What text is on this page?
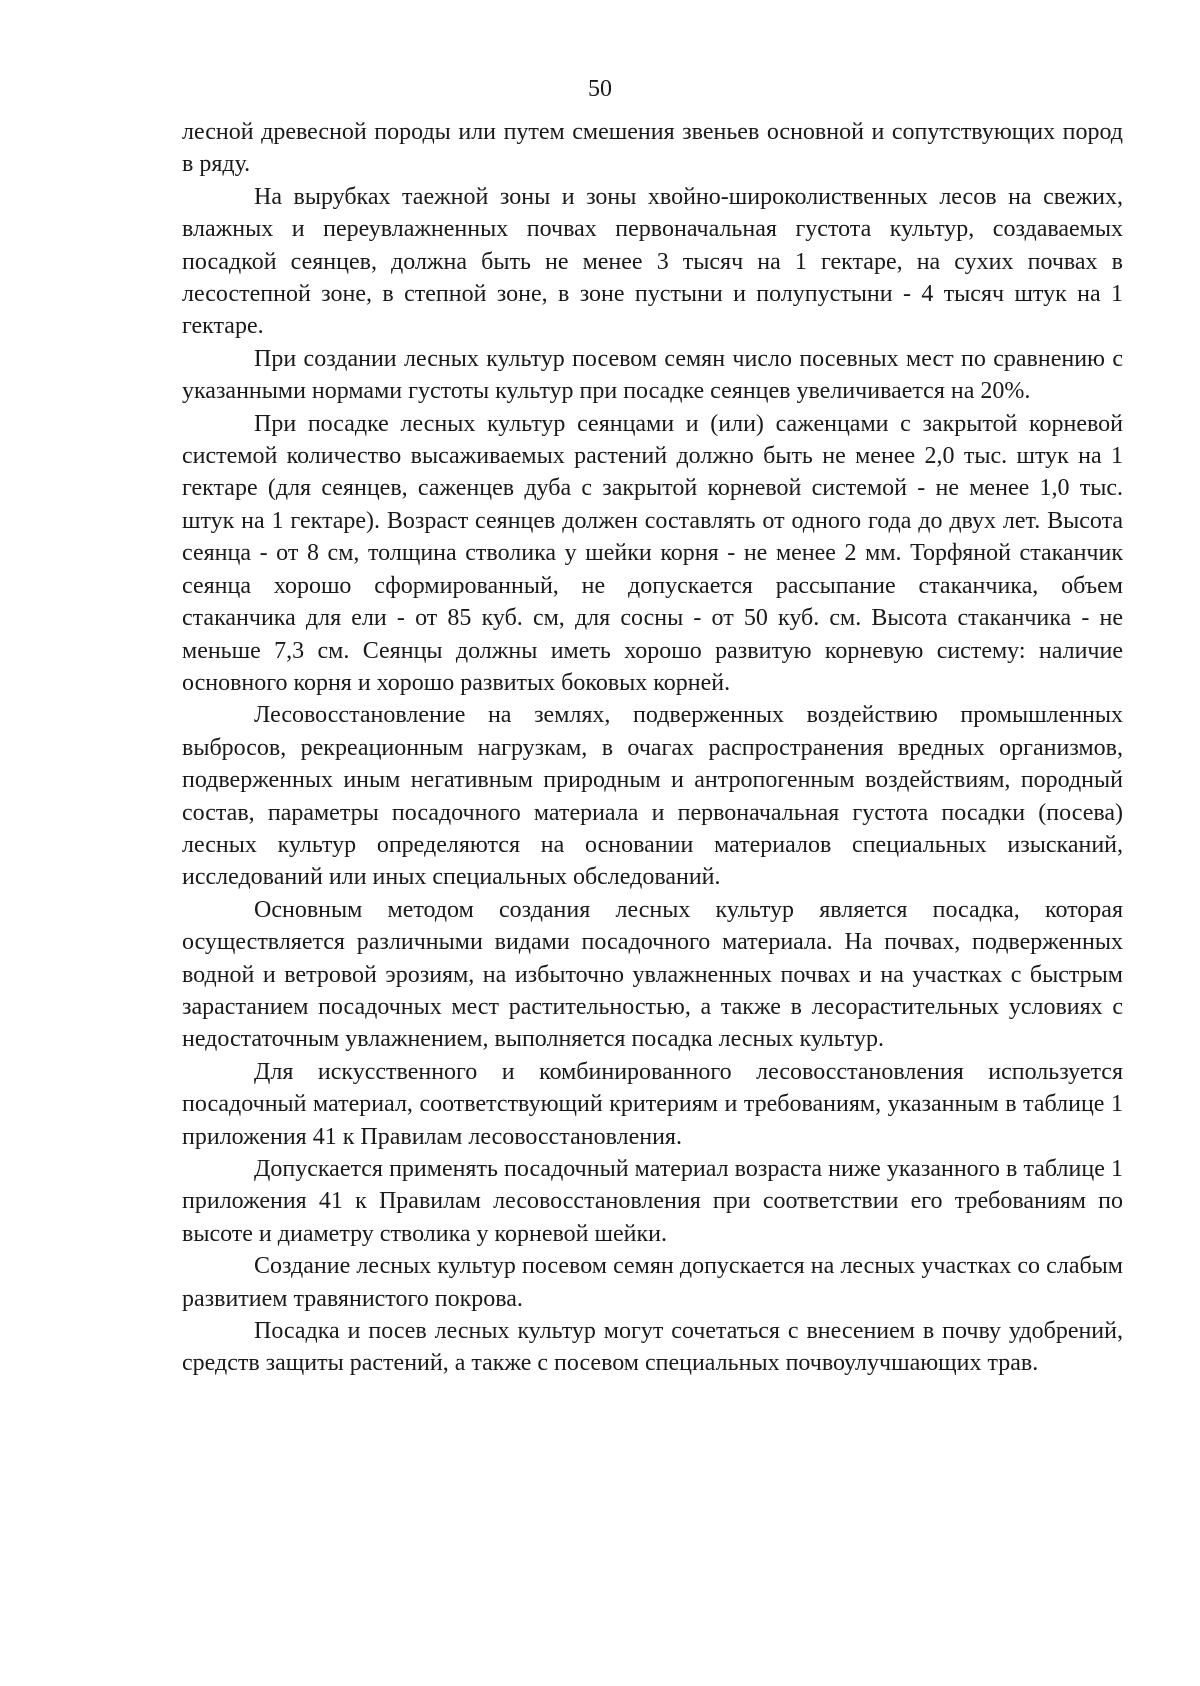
50

лесной древесной породы или путем смешения звеньев основной и сопутствующих пород в ряду.

На вырубках таежной зоны и зоны хвойно-широколиственных лесов на свежих, влажных и переувлажненных почвах первоначальная густота культур, создаваемых посадкой сеянцев, должна быть не менее 3 тысяч на 1 гектаре, на сухих почвах в лесостепной зоне, в степной зоне, в зоне пустыни и полупустыни - 4 тысяч штук на 1 гектаре.

При создании лесных культур посевом семян число посевных мест по сравнению с указанными нормами густоты культур при посадке сеянцев увеличивается на 20%.

При посадке лесных культур сеянцами и (или) саженцами с закрытой корневой системой количество высаживаемых растений должно быть не менее 2,0 тыс. штук на 1 гектаре (для сеянцев, саженцев дуба с закрытой корневой системой - не менее 1,0 тыс. штук на 1 гектаре). Возраст сеянцев должен составлять от одного года до двух лет. Высота сеянца - от 8 см, толщина стволика у шейки корня - не менее 2 мм. Торфяной стаканчик сеянца хорошо сформированный, не допускается рассыпание стаканчика, объем стаканчика для ели - от 85 куб. см, для сосны - от 50 куб. см. Высота стаканчика - не меньше 7,3 см. Сеянцы должны иметь хорошо развитую корневую систему: наличие основного корня и хорошо развитых боковых корней.

Лесовосстановление на землях, подверженных воздействию промышленных выбросов, рекреационным нагрузкам, в очагах распространения вредных организмов, подверженных иным негативным природным и антропогенным воздействиям, породный состав, параметры посадочного материала и первоначальная густота посадки (посева) лесных культур определяются на основании материалов специальных изысканий, исследований или иных специальных обследований.

Основным методом создания лесных культур является посадка, которая осуществляется различными видами посадочного материала. На почвах, подверженных водной и ветровой эрозиям, на избыточно увлажненных почвах и на участках с быстрым зарастанием посадочных мест растительностью, а также в лесорастительных условиях с недостаточным увлажнением, выполняется посадка лесных культур.

Для искусственного и комбинированного лесовосстановления используется посадочный материал, соответствующий критериям и требованиям, указанным в таблице 1 приложения 41 к Правилам лесовосстановления.

Допускается применять посадочный материал возраста ниже указанного в таблице 1 приложения 41 к Правилам лесовосстановления при соответствии его требованиям по высоте и диаметру стволика у корневой шейки.

Создание лесных культур посевом семян допускается на лесных участках со слабым развитием травянистого покрова.

Посадка и посев лесных культур могут сочетаться с внесением в почву удобрений, средств защиты растений, а также с посевом специальных почвоулучшающих трав.
